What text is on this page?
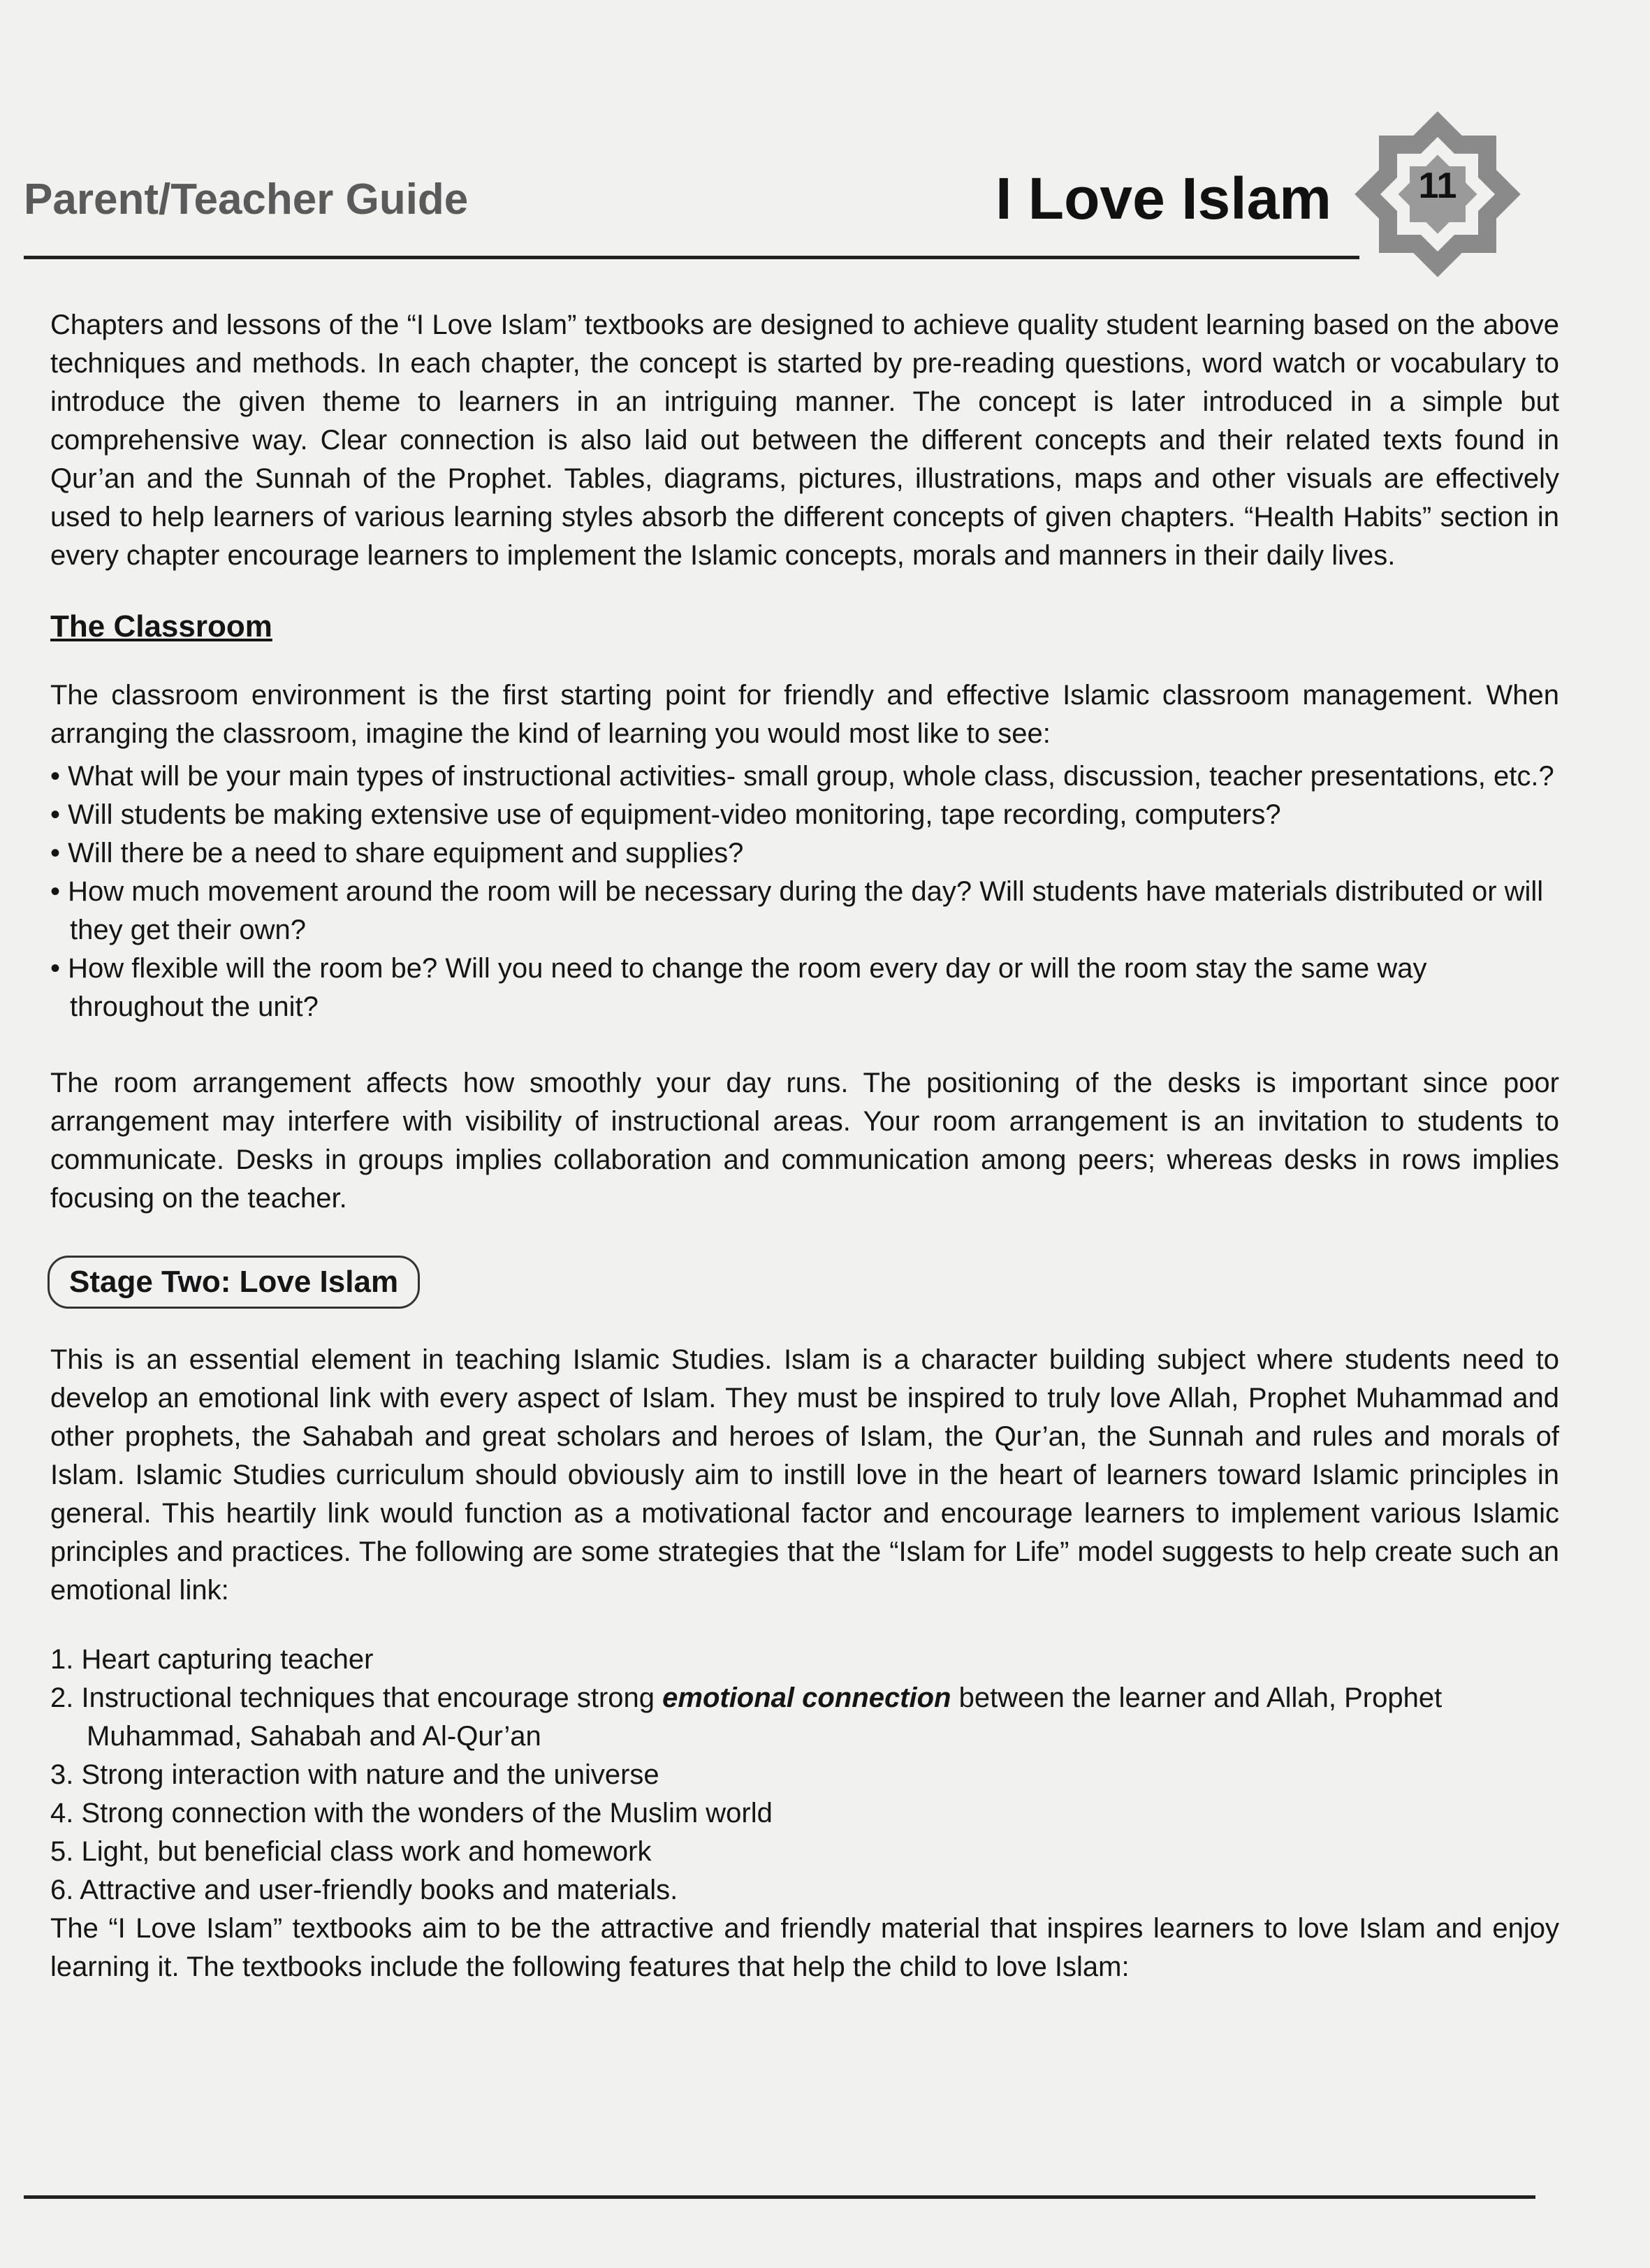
Parent/Teacher Guide	I Love Islam	11

Chapters and lessons of the “I Love Islam” textbooks are designed to achieve quality student learning based on the above techniques and methods. In each chapter, the concept is started by pre-reading questions, word watch or vocabulary to introduce the given theme to learners in an intriguing manner. The concept is later introduced in a simple but comprehensive way. Clear connection is also laid out between the different concepts and their related texts found in Qur’an and the Sunnah of the Prophet. Tables, diagrams, pictures, illustrations, maps and other visuals are effectively used to help learners of various learning styles absorb the different concepts of given chapters. “Health Habits” section in every chapter encourage learners to implement the Islamic concepts, morals and manners in their daily lives.

The Classroom

The classroom environment is the first starting point for friendly and effective Islamic classroom management. When arranging the classroom, imagine the kind of learning you would most like to see:

• What will be your main types of instructional activities- small group, whole class, discussion, teacher presentations, etc.?
• Will students be making extensive use of equipment-video monitoring, tape recording, computers?
• Will there be a need to share equipment and supplies?
• How much movement around the room will be necessary during the day? Will students have materials distributed or will they get their own?
• How flexible will the room be? Will you need to change the room every day or will the room stay the same way throughout the unit?

The room arrangement affects how smoothly your day runs. The positioning of the desks is important since poor arrangement may interfere with visibility of instructional areas. Your room arrangement is an invitation to students to communicate. Desks in groups implies collaboration and communication among peers; whereas desks in rows implies focusing on the teacher.

Stage Two: Love Islam

This is an essential element in teaching Islamic Studies. Islam is a character building subject where students need to develop an emotional link with every aspect of Islam. They must be inspired to truly love Allah, Prophet Muhammad and other prophets, the Sahabah and great scholars and heroes of Islam, the Qur’an, the Sunnah and rules and morals of Islam. Islamic Studies curriculum should obviously aim to instill love in the heart of learners toward Islamic principles in general. This heartily link would function as a motivational factor and encourage learners to implement various Islamic principles and practices. The following are some strategies that the “Islam for Life” model suggests to help create such an emotional link:

1. Heart capturing teacher
2. Instructional techniques that encourage strong emotional connection between the learner and Allah, Prophet Muhammad, Sahabah and Al-Qur’an
3. Strong interaction with nature and the universe
4. Strong connection with the wonders of the Muslim world
5. Light, but beneficial class work and homework
6. Attractive and user-friendly books and materials.

The “I Love Islam” textbooks aim to be the attractive and friendly material that inspires learners to love Islam and enjoy learning it. The textbooks include the following features that help the child to love Islam:
